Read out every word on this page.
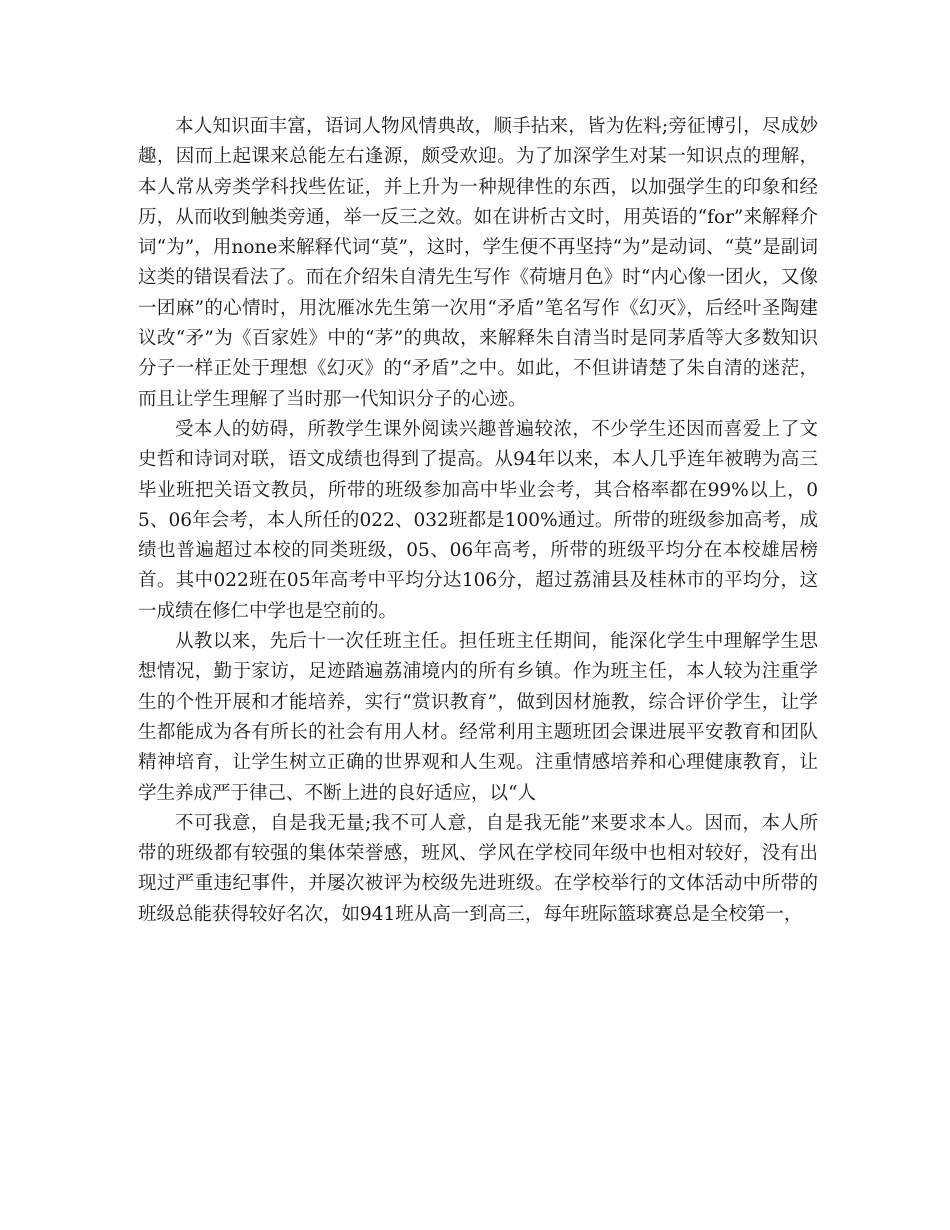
本人知识面丰富，语词人物风情典故，顺手拈来，皆为佐料;旁征博引，尽成妙趣，因而上起课来总能左右逢源，颇受欢迎。为了加深学生对某一知识点的理解，本人常从旁类学科找些佐证，并上升为一种规律性的东西，以加强学生的印象和经历，从而收到触类旁通，举一反三之效。如在讲析古文时，用英语的“for”来解释介词“为”，用none来解释代词“莫”，这时，学生便不再坚持“为”是动词、“莫”是副词这类的错误看法了。而在介绍朱自清先生写作《荷塘月色》时“内心像一团火，又像一团麻”的心情时，用沈雁冰先生第一次用“矛盾”笔名写作《幻灭》，后经叶圣陶建议改“矛”为《百家姓》中的“茅”的典故，来解释朱自清当时是同茅盾等大多数知识分子一样正处于理想《幻灭》的“矛盾”之中。如此，不但讲请楚了朱自清的迷茫，而且让学生理解了当时那一代知识分子的心迹。

受本人的妨碍，所教学生课外阅读兴趣普遍较浓，不少学生还因而喜爱上了文史哲和诗词对联，语文成绩也得到了提高。从94年以来，本人几乎连年被聘为高三毕业班把关语文教员，所带的班级参加高中毕业会考，其合格率都在99%以上，05、06年会考，本人所任的022、032班都是100%通过。所带的班级参加高考，成绩也普遍超过本校的同类班级，05、06年高考，所带的班级平均分在本校雄居榜首。其中022班在05年高考中平均分达106分，超过荔浦县及桂林市的平均分，这一成绩在修仁中学也是空前的。

从教以来，先后十一次任班主任。担任班主任期间，能深化学生中理解学生思想情况，勤于家访，足迹踏遍荔浦境内的所有乡镇。作为班主任，本人较为注重学生的个性开展和才能培养，实行“赏识教育”，做到因材施教，综合评价学生，让学生都能成为各有所长的社会有用人材。经常利用主题班团会课进展平安教育和团队精神培育，让学生树立正确的世界观和人生观。注重情感培养和心理健康教育，让学生养成严于律己、不断上进的良好适应，以“人

不可我意，自是我无量;我不可人意，自是我无能”来要求本人。因而，本人所带的班级都有较强的集体荣誉感，班风、学风在学校同年级中也相对较好，没有出现过严重违纪事件，并屡次被评为校级先进班级。在学校举行的文体活动中所带的班级总能获得较好名次，如941班从高一到高三，每年班际篮球赛总是全校第一，
